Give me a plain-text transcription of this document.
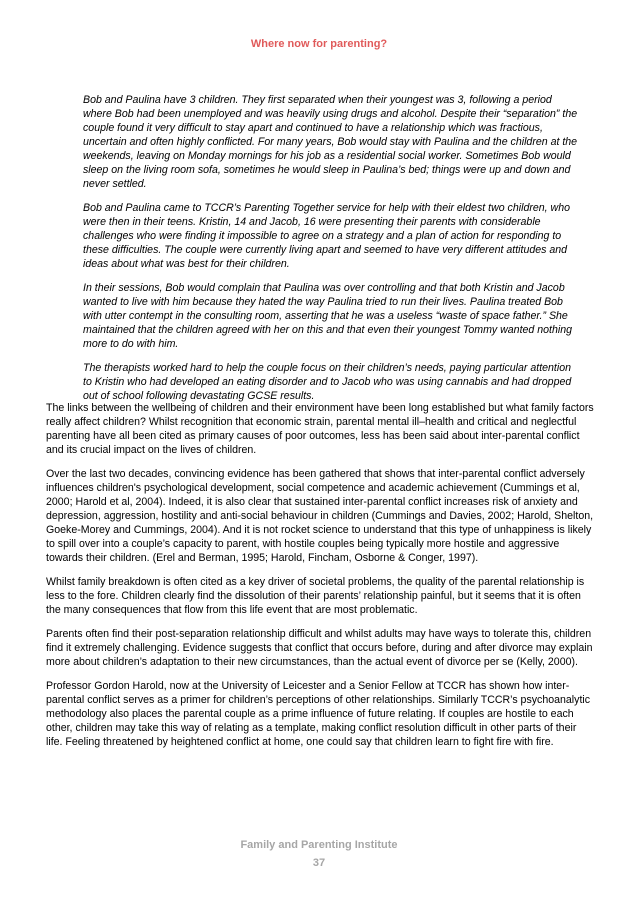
Where now for parenting?

Bob and Paulina have 3 children. They first separated when their youngest was 3, following a period where Bob had been unemployed and was heavily using drugs and alcohol. Despite their “separation” the couple found it very difficult to stay apart and continued to have a relationship which was fractious, uncertain and often highly conflicted. For many years, Bob would stay with Paulina and the children at the weekends, leaving on Monday mornings for his job as a residential social worker. Sometimes Bob would sleep on the living room sofa, sometimes he would sleep in Paulina’s bed; things were up and down and never settled.

Bob and Paulina came to TCCR’s Parenting Together service for help with their eldest two children, who were then in their teens. Kristin, 14 and Jacob, 16 were presenting their parents with considerable challenges who were finding it impossible to agree on a strategy and a plan of action for responding to these difficulties. The couple were currently living apart and seemed to have very different attitudes and ideas about what was best for their children.

In their sessions, Bob would complain that Paulina was over controlling and that both Kristin and Jacob wanted to live with him because they hated the way Paulina tried to run their lives. Paulina treated Bob with utter contempt in the consulting room, asserting that he was a useless “waste of space father.” She maintained that the children agreed with her on this and that even their youngest Tommy wanted nothing more to do with him.

The therapists worked hard to help the couple focus on their children’s needs, paying particular attention to Kristin who had developed an eating disorder and to Jacob who was using cannabis and had dropped out of school following devastating GCSE results.

The links between the wellbeing of children and their environment have been long established but what family factors really affect children? Whilst recognition that economic strain, parental mental ill–health and critical and neglectful parenting have all been cited as primary causes of poor outcomes, less has been said about inter-parental conflict and its crucial impact on the lives of children.

Over the last two decades, convincing evidence has been gathered that shows that inter-parental conflict adversely influences children's psychological development, social competence and academic achievement (Cummings et al, 2000; Harold et al, 2004). Indeed, it is also clear that sustained inter-parental conflict increases risk of anxiety and depression, aggression, hostility and anti-social behaviour in children (Cummings and Davies, 2002; Harold, Shelton, Goeke-Morey and Cummings, 2004). And it is not rocket science to understand that this type of unhappiness is likely to spill over into a couple’s capacity to parent, with hostile couples being typically more hostile and aggressive towards their children. (Erel and Berman, 1995; Harold, Fincham, Osborne & Conger, 1997).

Whilst family breakdown is often cited as a key driver of societal problems, the quality of the parental relationship is less to the fore. Children clearly find the dissolution of their parents’ relationship painful, but it seems that it is often the many consequences that flow from this life event that are most problematic.

Parents often find their post-separation relationship difficult and whilst adults may have ways to tolerate this, children find it extremely challenging. Evidence suggests that conflict that occurs before, during and after divorce may explain more about children’s adaptation to their new circumstances, than the actual event of divorce per se (Kelly, 2000).

Professor Gordon Harold, now at the University of Leicester and a Senior Fellow at TCCR has shown how inter-parental conflict serves as a primer for children’s perceptions of other relationships. Similarly TCCR’s psychoanalytic methodology also places the parental couple as a prime influence of future relating. If couples are hostile to each other, children may take this way of relating as a template, making conflict resolution difficult in other parts of their life. Feeling threatened by heightened conflict at home, one could say that children learn to fight fire with fire.

Family and Parenting Institute
37
